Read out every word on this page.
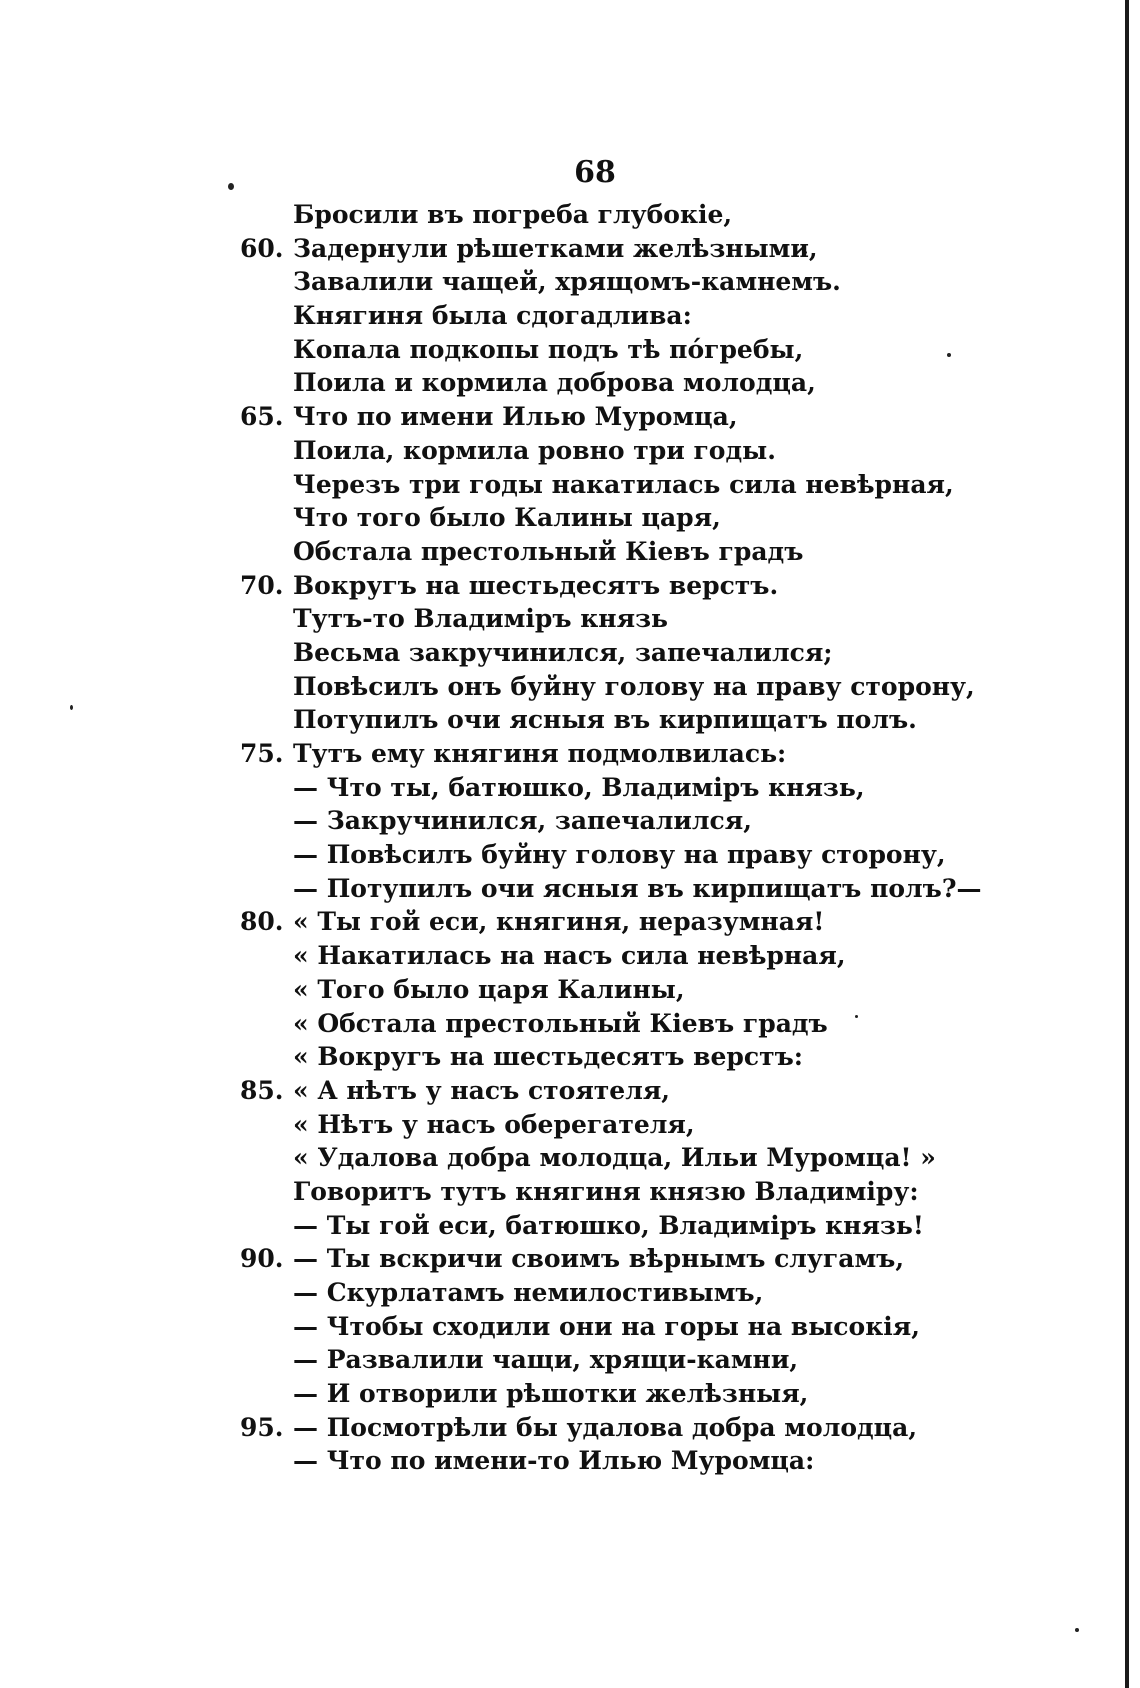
68
Бросили въ погреба глубокіе,
60. Задернули рѣшетками желѣзными,
Завалили чащей, хрящомъ-камнемъ.
Княгиня была сдогадлива:
Копала подкопы подъ тѣ пóгребы,
Поила и кормила доброва молодца,
65. Что по имени Илью Муромца,
Поила, кормила ровно три годы.
Черезъ три годы накатилась сила невѣрная,
Что того было Калины царя,
Обстала престольный Кіевъ градъ
70. Вокругъ на шестьдесятъ верстъ.
Тутъ-то Владиміръ князь
Весьма закручинился, запечалился;
Повѣсилъ онъ буйну голову на праву сторону,
Потупилъ очи ясныя въ кирпищатъ полъ.
75. Тутъ ему княгиня подмолвилась:
— Что ты, батюшко, Владиміръ князь,
— Закручинился, запечалился,
— Повѣсилъ буйну голову на праву сторону,
— Потупилъ очи ясныя въ кирпищатъ полъ?—
80. « Ты гой еси, княгиня, неразумная!
« Накатилась на насъ сила невѣрная,
« Того было царя Калины,
« Обстала престольный Кіевъ градъ
« Вокругъ на шестьдесятъ верстъ:
85. « А нѣтъ у насъ стоятеля,
« Нѣтъ у насъ оберегателя,
« Удалова добра молодца, Ильи Муромца! »
Говоритъ тутъ княгиня князю Владиміру:
— Ты гой еси, батюшко, Владиміръ князь!
90. — Ты вскричи своимъ вѣрнымъ слугамъ,
— Скурлатамъ немилостивымъ,
— Чтобы сходили они на горы на высокія,
— Развалили чащи, хрящи-камни,
— И отворили рѣшотки желѣзныя,
95. — Посмотрѣли бы удалова добра молодца,
— Что по имени-то Илью Муромца:
